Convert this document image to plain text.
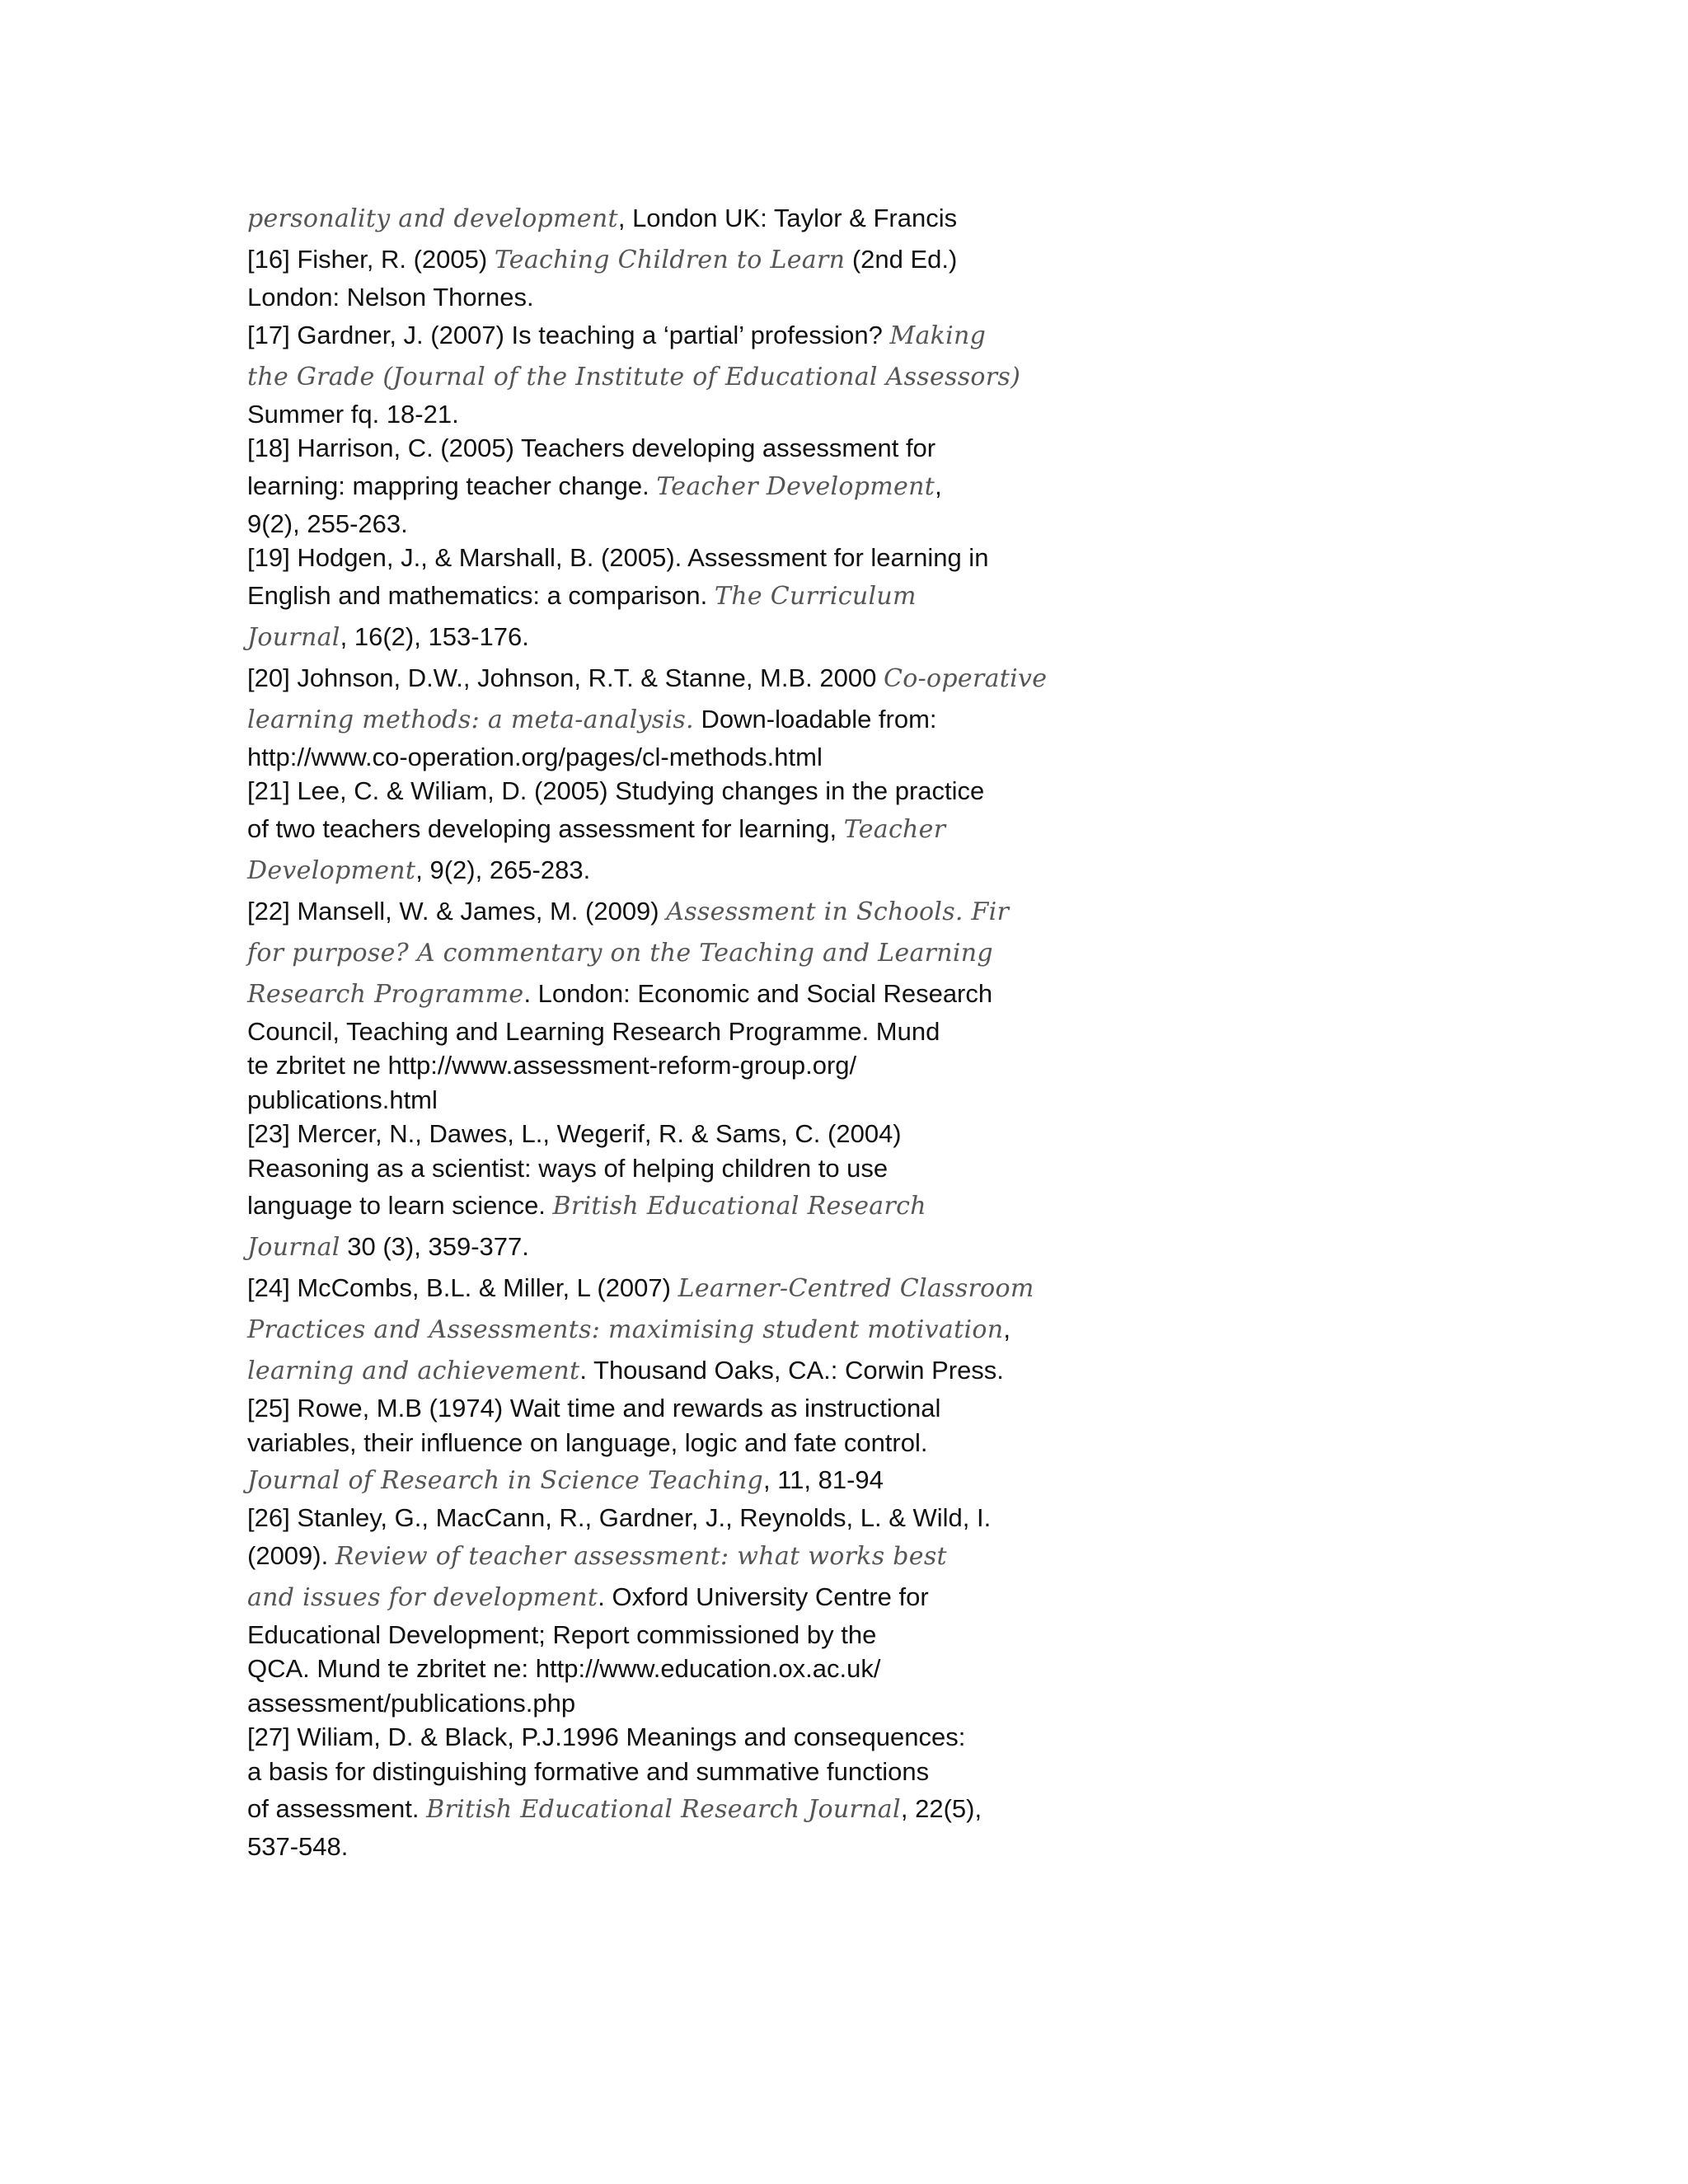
personality and development, London UK: Taylor & Francis
[16] Fisher, R. (2005) Teaching Children to Learn (2nd Ed.)
London: Nelson Thornes.
[17] Gardner, J. (2007) Is teaching a ‘partial’ profession? Making
the Grade (Journal of the Institute of Educational Assessors)
Summer fq. 18-21.
[18] Harrison, C. (2005) Teachers developing assessment for
learning: mappring teacher change. Teacher Development,
9(2), 255-263.
[19] Hodgen, J., & Marshall, B. (2005). Assessment for learning in
English and mathematics: a comparison. The Curriculum
Journal, 16(2), 153-176.
[20] Johnson, D.W., Johnson, R.T. & Stanne, M.B. 2000 Co-operative
learning methods: a meta-analysis. Down-loadable from:
http://www.co-operation.org/pages/cl-methods.html
[21] Lee, C. & Wiliam, D. (2005) Studying changes in the practice
of two teachers developing assessment for learning, Teacher
Development, 9(2), 265-283.
[22] Mansell, W. & James, M. (2009) Assessment in Schools. Fir
for purpose? A commentary on the Teaching and Learning
Research Programme. London: Economic and Social Research
Council, Teaching and Learning Research Programme. Mund
te zbritet ne http://www.assessment-reform-group.org/
publications.html
[23] Mercer, N., Dawes, L., Wegerif, R. & Sams, C. (2004)
Reasoning as a scientist: ways of helping children to use
language to learn science. British Educational Research
Journal 30 (3), 359-377.
[24] McCombs, B.L. & Miller, L (2007) Learner-Centred Classroom
Practices and Assessments: maximising student motivation,
learning and achievement. Thousand Oaks, CA.: Corwin Press.
[25] Rowe, M.B (1974) Wait time and rewards as instructional
variables, their influence on language, logic and fate control.
Journal of Research in Science Teaching, 11, 81-94
[26] Stanley, G., MacCann, R., Gardner, J., Reynolds, L. & Wild, I.
(2009). Review of teacher assessment: what works best
and issues for development. Oxford University Centre for
Educational Development; Report commissioned by the
QCA. Mund te zbritet ne: http://www.education.ox.ac.uk/
assessment/publications.php
[27] Wiliam, D. & Black, P.J.1996 Meanings and consequences:
a basis for distinguishing formative and summative functions
of assessment. British Educational Research Journal, 22(5),
537-548.
